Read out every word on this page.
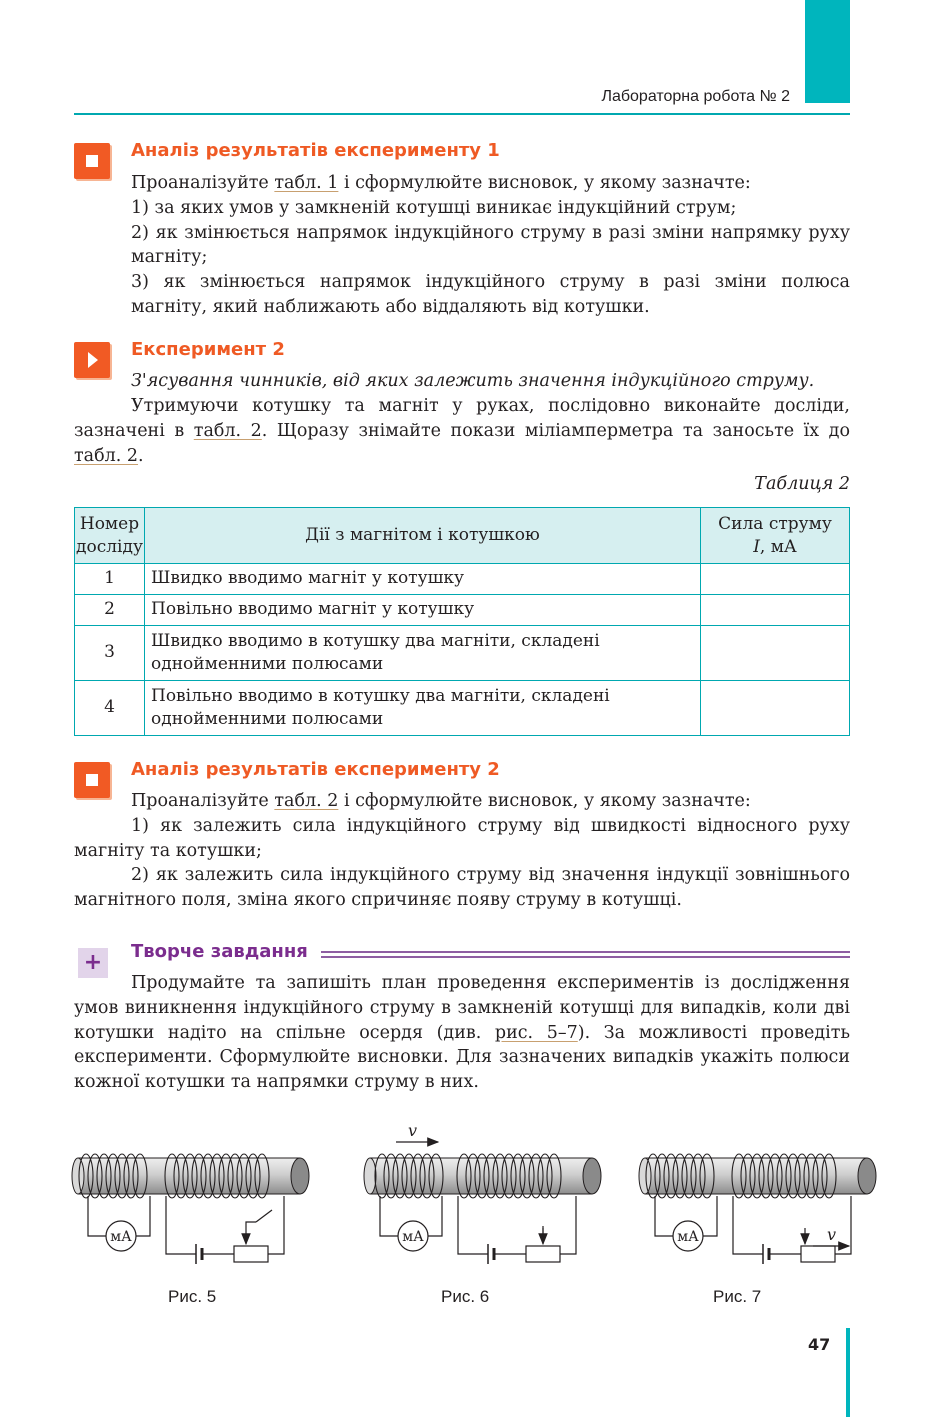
Лабораторна робота № 2
Аналіз результатів експерименту 1
Проаналізуйте табл. 1 і сформулюйте висновок, у якому зазначте:
1) за яких умов у замкненій котушці виникає індукційний струм;
2) як змінюється напрямок індукційного струму в разі зміни напрямку руху магніту;
3) як змінюється напрямок індукційного струму в разі зміни полюса магніту, який наближають або віддаляють від котушки.
Експеримент 2
З'ясування чинників, від яких залежить значення індукційного струму.
Утримуючи котушку та магніт у руках, послідовно виконайте досліди, зазначені в табл. 2. Щоразу знімайте покази міліамперметра та заносьте їх до табл. 2.
Таблиця 2
Номер досліду	Дії з магнітом і котушкою	Сила струму
I, мА
1	Швидко вводимо магніт у котушку	
2	Повільно вводимо магніт у котушку	
3	Швидко вводимо в котушку два магніти, складені однойменними полюсами	
4	Повільно вводимо в котушку два магніти, складені однойменними полюсами	
Аналіз результатів експерименту 2
Проаналізуйте табл. 2 і сформулюйте висновок, у якому зазначте:
1) як залежить сила індукційного струму від швидкості відносного руху магніту та котушки;
2) як залежить сила індукційного струму від значення індукції зовнішнього магнітного поля, зміна якого спричиняє появу струму в котушці.
+	Творче завдання
Продумайте та запишіть план проведення експериментів із дослідження умов виникнення індукційного струму в замкненій котушці для випадків, коли дві котушки надіто на спільне осердя (див. рис. 5–7). За можливості проведіть експерименти. Сформулюйте висновки. Для зазначених випадків укажіть полюси кожної котушки та напрямки струму в них.
мА	мА
v
мА	v
Рис. 5	Рис. 6	Рис. 7
47
